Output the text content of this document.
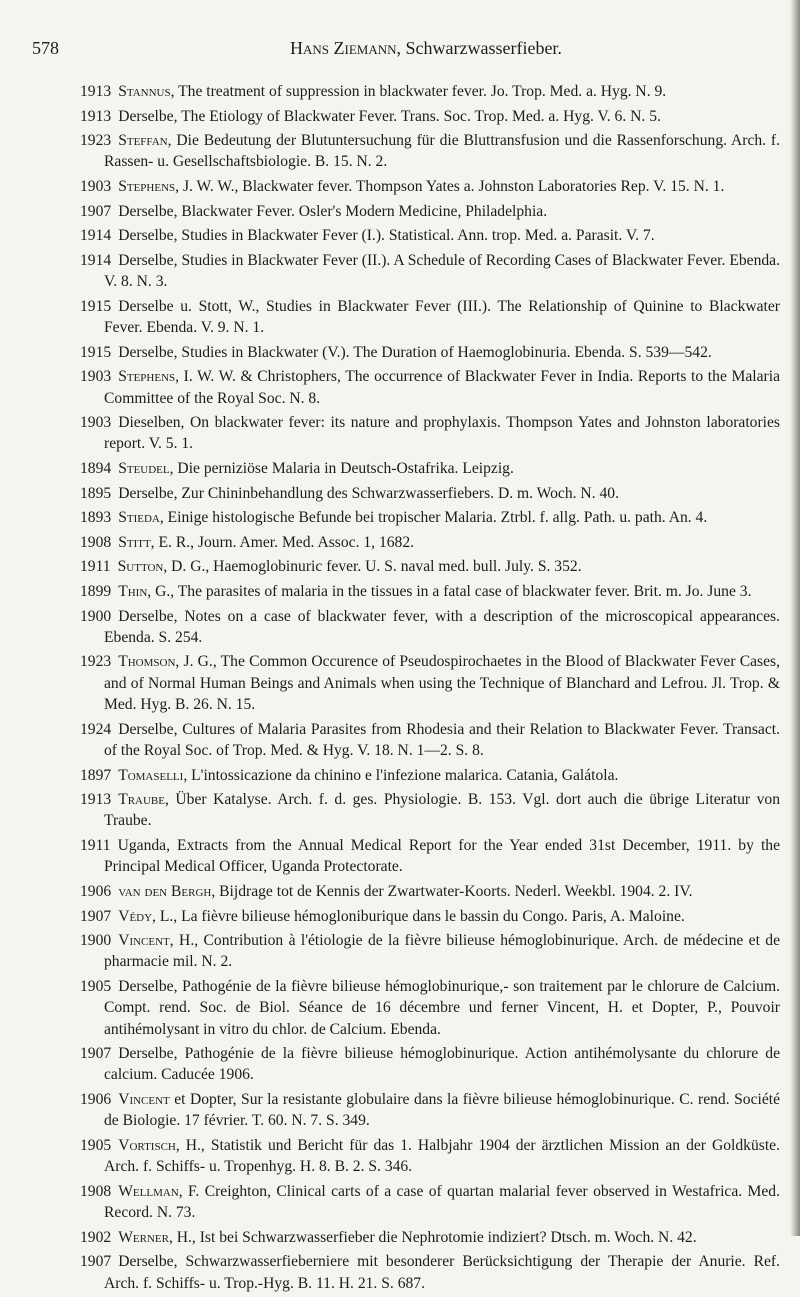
578	Hans Ziemann, Schwarzwasserfieber.
1913 Stannus, The treatment of suppression in blackwater fever. Jo. Trop. Med. a. Hyg. N. 9.
1913 Derselbe, The Etiology of Blackwater Fever. Trans. Soc. Trop. Med. a. Hyg. V. 6. N. 5.
1923 Steffan, Die Bedeutung der Blutuntersuchung für die Bluttransfusion und die Rassenforschung. Arch. f. Rassen- u. Gesellschaftsbiologie. B. 15. N. 2.
1903 Stephens, J. W. W., Blackwater fever. Thompson Yates a. Johnston Laboratories Rep. V. 15. N. 1.
1907 Derselbe, Blackwater Fever. Osler's Modern Medicine, Philadelphia.
1914 Derselbe, Studies in Blackwater Fever (I.). Statistical. Ann. trop. Med. a. Parasit. V. 7.
1914 Derselbe, Studies in Blackwater Fever (II.). A Schedule of Recording Cases of Blackwater Fever. Ebenda. V. 8. N. 3.
1915 Derselbe u. Stott, W., Studies in Blackwater Fever (III.). The Relationship of Quinine to Blackwater Fever. Ebenda. V. 9. N. 1.
1915 Derselbe, Studies in Blackwater (V.). The Duration of Haemoglobinuria. Ebenda. S. 539—542.
1903 Stephens, I. W. W. & Christophers, The occurrence of Blackwater Fever in India. Reports to the Malaria Committee of the Royal Soc. N. 8.
1903 Dieselben, On blackwater fever: its nature and prophylaxis. Thompson Yates and Johnston laboratories report. V. 5. 1.
1894 Steudel, Die perniziöse Malaria in Deutsch-Ostafrika. Leipzig.
1895 Derselbe, Zur Chininbehandlung des Schwarzwasserfiebers. D. m. Woch. N. 40.
1893 Stieda, Einige histologische Befunde bei tropischer Malaria. Ztrbl. f. allg. Path. u. path. An. 4.
1908 Stitt, E. R., Journ. Amer. Med. Assoc. 1, 1682.
1911 Sutton, D. G., Haemoglobinuric fever. U. S. naval med. bull. July. S. 352.
1899 Thin, G., The parasites of malaria in the tissues in a fatal case of blackwater fever. Brit. m. Jo. June 3.
1900 Derselbe, Notes on a case of blackwater fever, with a description of the microscopical appearances. Ebenda. S. 254.
1923 Thomson, J. G., The Common Occurence of Pseudospirochaetes in the Blood of Blackwater Fever Cases, and of Normal Human Beings and Animals when using the Technique of Blanchard and Lefrou. Jl. Trop. & Med. Hyg. B. 26. N. 15.
1924 Derselbe, Cultures of Malaria Parasites from Rhodesia and their Relation to Blackwater Fever. Transact. of the Royal Soc. of Trop. Med. & Hyg. V. 18. N. 1—2. S. 8.
1897 Tomaselli, L'intossicazione da chinino e l'infezione malarica. Catania, Galátola.
1913 Traube, Über Katalyse. Arch. f. d. ges. Physiologie. B. 153. Vgl. dort auch die übrige Literatur von Traube.
1911 Uganda, Extracts from the Annual Medical Report for the Year ended 31st December, 1911. by the Principal Medical Officer, Uganda Protectorate.
1906 van den Bergh, Bijdrage tot de Kennis der Zwartwater-Koorts. Nederl. Weekbl. 1904. 2. IV.
1907 Védy, L., La fièvre bilieuse hémogloniburique dans le bassin du Congo. Paris, A. Maloine.
1900 Vincent, H., Contribution à l'étiologie de la fièvre bilieuse hémoglobinurique. Arch. de médecine et de pharmacie mil. N. 2.
1905 Derselbe, Pathogénie de la fièvre bilieuse hémoglobinurique,- son traitement par le chlorure de Calcium. Compt. rend. Soc. de Biol. Séance de 16 décembre und ferner Vincent, H. et Dopter, P., Pouvoir antihémolysant in vitro du chlor. de Calcium. Ebenda.
1907 Derselbe, Pathogénie de la fièvre bilieuse hémoglobinurique. Action antihémolysante du chlorure de calcium. Caducée 1906.
1906 Vincent et Dopter, Sur la resistante globulaire dans la fièvre bilieuse hémoglobinurique. C. rend. Société de Biologie. 17 février. T. 60. N. 7. S. 349.
1905 Vortisch, H., Statistik und Bericht für das 1. Halbjahr 1904 der ärztlichen Mission an der Goldküste. Arch. f. Schiffs- u. Tropenhyg. H. 8. B. 2. S. 346.
1908 Wellman, F. Creighton, Clinical carts of a case of quartan malarial fever observed in Westafrica. Med. Record. N. 73.
1902 Werner, H., Ist bei Schwarzwasserfieber die Nephrotomie indiziert? Dtsch. m. Woch. N. 42.
1907 Derselbe, Schwarzwasserfieberniere mit besonderer Berücksichtigung der Therapie der Anurie. Ref. Arch. f. Schiffs- u. Trop.-Hyg. B. 11. H. 21. S. 687.
